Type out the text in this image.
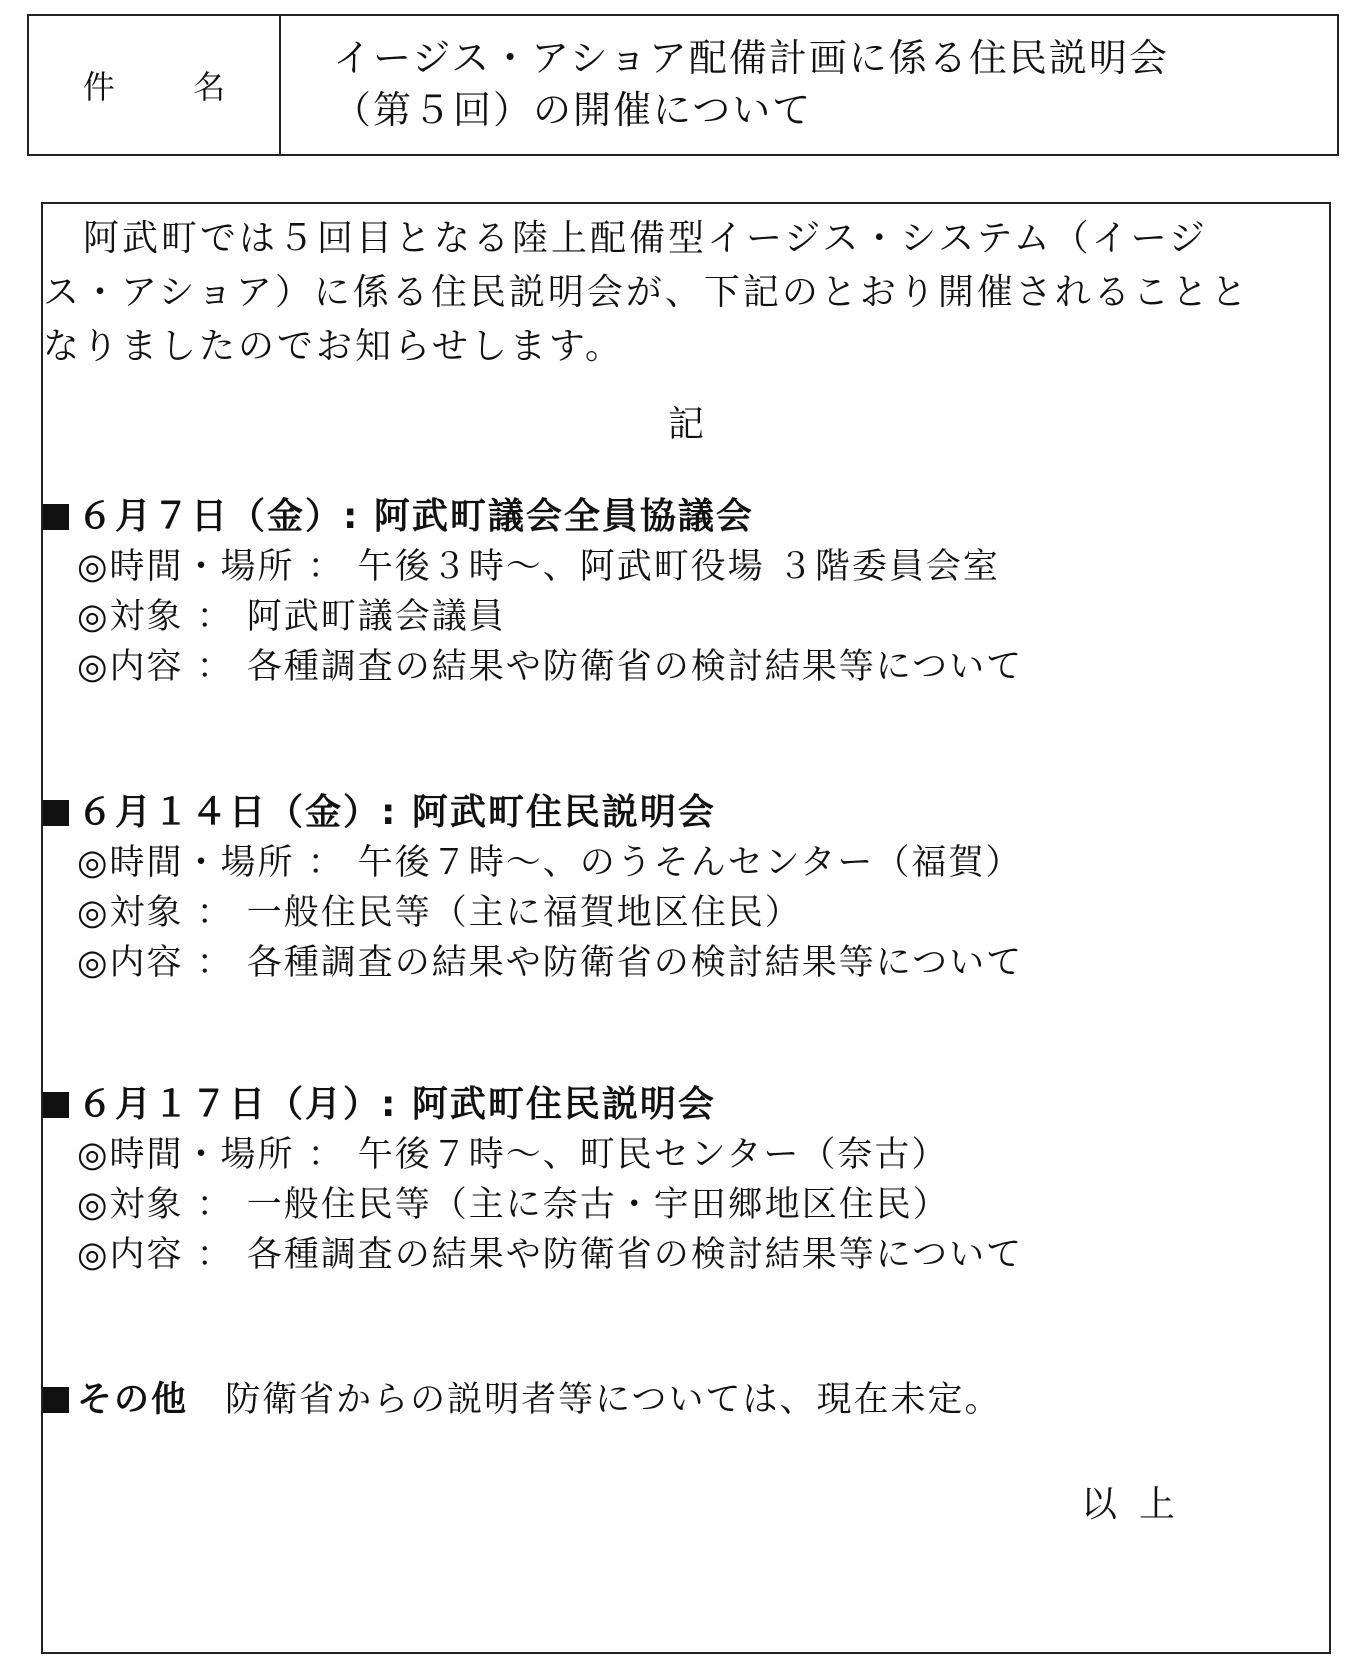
件 名
イージス・アショア配備計画に係る住民説明会
（第５回）の開催について
阿武町では５回目となる陸上配備型イージス・システム（イージ
ス・アショア）に係る住民説明会が、下記のとおり開催されることと
なりましたのでお知らせします。
記
６月７日（金）: 阿武町議会全員協議会
◎時間・場所 ： 午後３時～、阿武町役場 ３階委員会室
◎対象 ： 阿武町議会議員
◎内容 ： 各種調査の結果や防衛省の検討結果等について
６月１４日（金）: 阿武町住民説明会
◎時間・場所 ： 午後７時～、のうそんセンター（福賀）
◎対象 ： 一般住民等（主に福賀地区住民）
◎内容 ： 各種調査の結果や防衛省の検討結果等について
６月１７日（月）: 阿武町住民説明会
◎時間・場所 ： 午後７時～、町民センター（奈古）
◎対象 ： 一般住民等（主に奈古・宇田郷地区住民）
◎内容 ： 各種調査の結果や防衛省の検討結果等について
その他 防衛省からの説明者等については、現在未定。
以上
